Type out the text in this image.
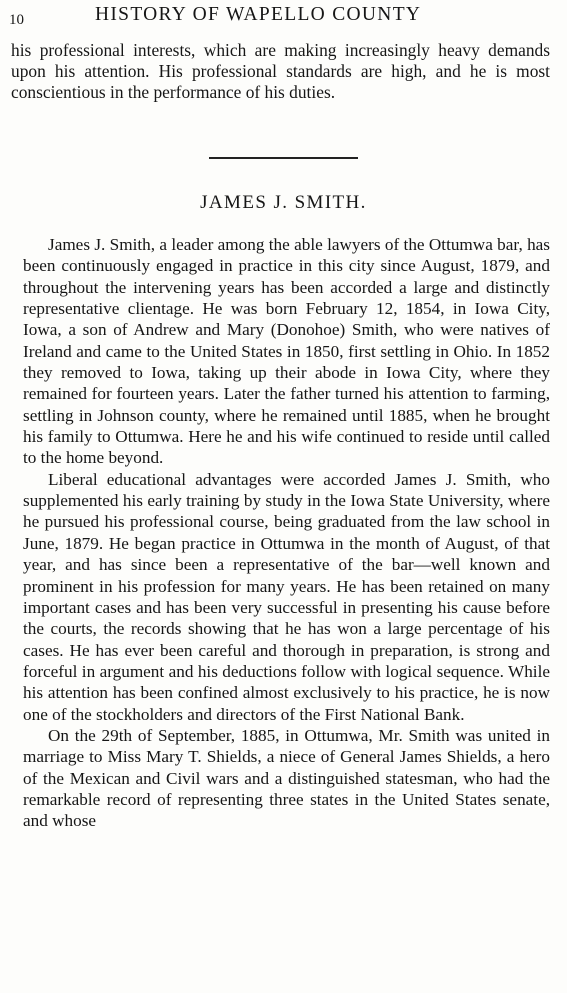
10	HISTORY OF WAPELLO COUNTY

his professional interests, which are making increasingly heavy demands upon his attention. His professional standards are high, and he is most conscientious in the performance of his duties.

JAMES J. SMITH.

James J. Smith, a leader among the able lawyers of the Ottumwa bar, has been continuously engaged in practice in this city since August, 1879, and throughout the intervening years has been accorded a large and distinctly representative clientage. He was born February 12, 1854, in Iowa City, Iowa, a son of Andrew and Mary (Donohoe) Smith, who were natives of Ireland and came to the United States in 1850, first settling in Ohio. In 1852 they removed to Iowa, taking up their abode in Iowa City, where they remained for fourteen years. Later the father turned his attention to farming, settling in Johnson county, where he remained until 1885, when he brought his family to Ottumwa. Here he and his wife continued to reside until called to the home beyond.

Liberal educational advantages were accorded James J. Smith, who supplemented his early training by study in the Iowa State University, where he pursued his professional course, being graduated from the law school in June, 1879. He began practice in Ottumwa in the month of August, of that year, and has since been a representative of the bar—well known and prominent in his profession for many years. He has been retained on many important cases and has been very successful in presenting his cause before the courts, the records showing that he has won a large percentage of his cases. He has ever been careful and thorough in preparation, is strong and forceful in argument and his deductions follow with logical sequence. While his attention has been confined almost exclusively to his practice, he is now one of the stockholders and directors of the First National Bank.

On the 29th of September, 1885, in Ottumwa, Mr. Smith was united in marriage to Miss Mary T. Shields, a niece of General James Shields, a hero of the Mexican and Civil wars and a distinguished statesman, who had the remarkable record of representing three states in the United States senate, and whose
